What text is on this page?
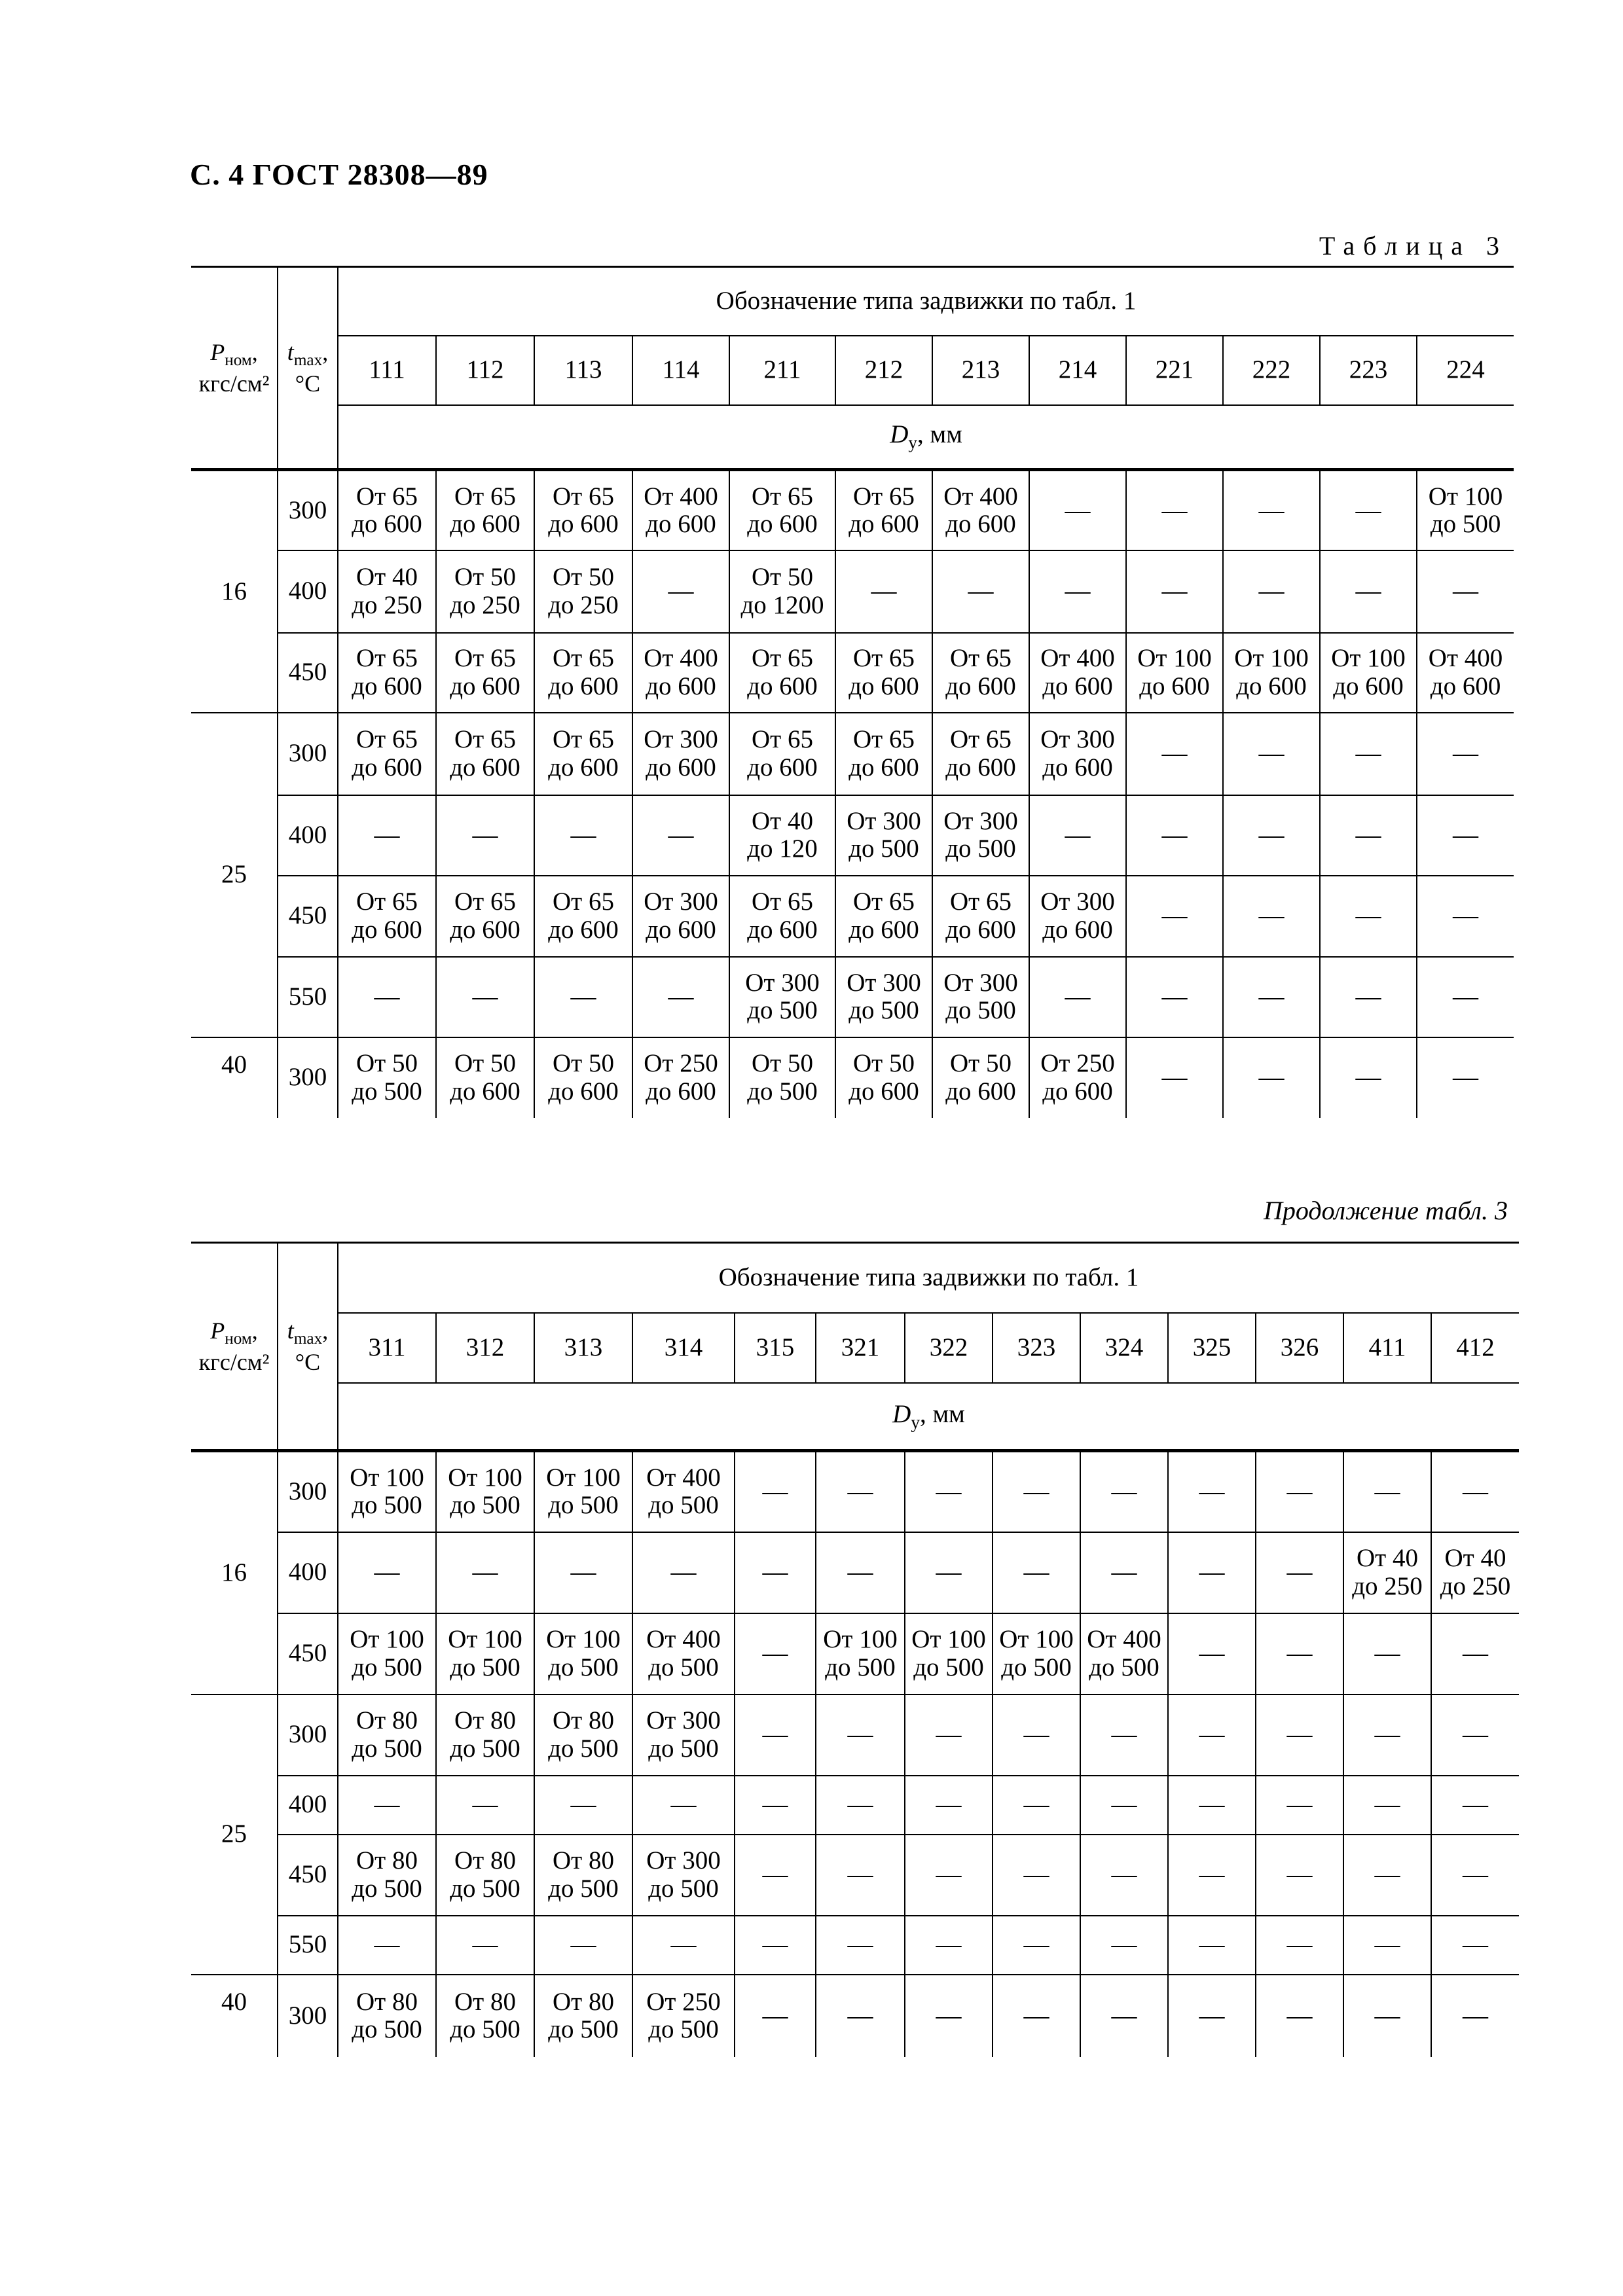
С. 4 ГОСТ 28308—89
Таблица 3
$P_{ном}$,
кгс/см²	$t_{max}$,
°C	Обозначение типа задвижки по табл. 1											
		111	112	113	114	211	212	213	214	221	222	223	224
		$D_y$, мм											
16	300	От 65
до 600	От 65
до 600	От 65
до 600	От 400
до 600	От 65
до 600	От 65
до 600	От 400
до 600	—	—	—	—	От 100
до 500

	400	От 40
до 250	От 50
до 250	От 50
до 250	—	От 50
до 1200	—	—	—	—	—	—	—
	450	От 65
до 600	От 65
до 600	От 65
до 600	От 400
до 600	От 65
до 600	От 65
до 600	От 65
до 600	От 400
до 600	От 100
до 600	От 100
до 600	От 100
до 600	От 400
до 600

25	300	От 65
до 600	От 65
до 600	От 65
до 600	От 300
до 600	От 65
до 600	От 65
до 600	От 65
до 600	От 300
до 600	—	—	—	—
	400	—	—	—	—	От 40
до 120	От 300
до 500	От 300
до 500	—	—	—	—	—
	450	От 65
до 600	От 65
до 600	От 65
до 600	От 300
до 600	От 65
до 600	От 65
до 600	От 65
до 600	От 300
до 600	—	—	—	—
	550	—	—	—	—	От 300
до 500	От 300
до 500	От 300
до 500	—	—	—	—	—
40	300	От 50
до 500	От 50
до 600	От 50
до 600	От 250
до 600	От 50
до 500	От 50
до 600	От 50
до 600	От 250
до 600	—	—	—	—
Продолжение табл. 3
$P_{ном}$,
кгс/см²	$t_{max}$,
°C	Обозначение типа задвижки по табл. 1												
		311	312	313	314	315	321	322	323	324	325	326	411	412
		$D_y$, мм												
16	300	От 100
до 500	От 100
до 500	От 100
до 500	От 400
до 500	—	—	—	—	—	—	—	—	—
	400	—	—	—	—	—	—	—	—	—	—	—	От 40
до 250	От 40
до 250

	450	От 100
до 500	От 100
до 500	От 100
до 500	От 400
до 500	—	От 100
до 500	От 100
до 500	От 100
до 500	От 400
до 500	—	—	—	—
25	300	От 80
до 500	От 80
до 500	От 80
до 500	От 300
до 500	—	—	—	—	—	—	—	—	—
	400	—	—	—	—	—	—	—	—	—	—	—	—	—
	450	От 80
до 500	От 80
до 500	От 80
до 500	От 300
до 500	—	—	—	—	—	—	—	—	—
	550	—	—	—	—	—	—	—	—	—	—	—	—	—
40	300	От 80
до 500	От 80
до 500	От 80
до 500	От 250
до 500	—	—	—	—	—	—	—	—	—
